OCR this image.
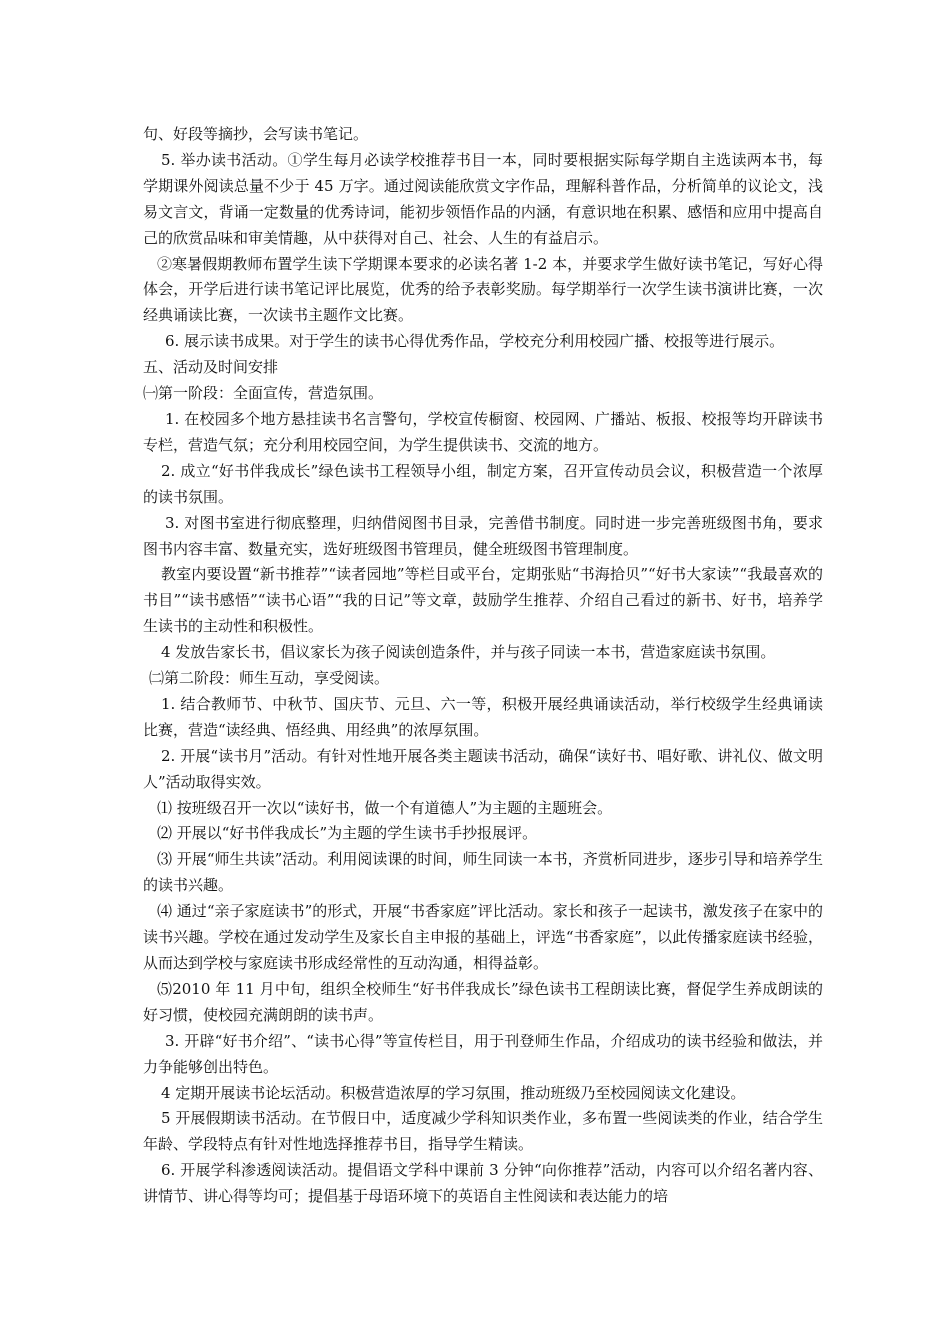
句、好段等摘抄，会写读书笔记。

5. 举办读书活动。①学生每月必读学校推荐书目一本，同时要根据实际每学期自主选读两本书，每学期课外阅读总量不少于 45 万字。通过阅读能欣赏文字作品，理解科普作品，分析简单的议论文，浅易文言文，背诵一定数量的优秀诗词，能初步领悟作品的内涵，有意识地在积累、感悟和应用中提高自己的欣赏品味和审美情趣，从中获得对自己、社会、人生的有益启示。

②寒暑假期教师布置学生读下学期课本要求的必读名著 1-2 本，并要求学生做好读书笔记，写好心得体会，开学后进行读书笔记评比展览，优秀的给予表彰奖励。每学期举行一次学生读书演讲比赛，一次经典诵读比赛，一次读书主题作文比赛。

6. 展示读书成果。对于学生的读书心得优秀作品，学校充分利用校园广播、校报等进行展示。

五、活动及时间安排

㈠第一阶段：全面宣传，营造氛围。

1. 在校园多个地方悬挂读书名言警句，学校宣传橱窗、校园网、广播站、板报、校报等均开辟读书专栏，营造气氛；充分利用校园空间，为学生提供读书、交流的地方。

2. 成立“好书伴我成长”绿色读书工程领导小组，制定方案，召开宣传动员会议，积极营造一个浓厚的读书氛围。

3. 对图书室进行彻底整理，归纳借阅图书目录，完善借书制度。同时进一步完善班级图书角，要求图书内容丰富、数量充实，选好班级图书管理员，健全班级图书管理制度。

教室内要设置“新书推荐”“读者园地”等栏目或平台，定期张贴“书海拾贝”“好书大家读”“我最喜欢的书目”“读书感悟”“读书心语”“我的日记”等文章，鼓励学生推荐、介绍自己看过的新书、好书，培养学生读书的主动性和积极性。

4 发放告家长书，倡议家长为孩子阅读创造条件，并与孩子同读一本书，营造家庭读书氛围。

㈡第二阶段：师生互动，享受阅读。

1. 结合教师节、中秋节、国庆节、元旦、六一等，积极开展经典诵读活动，举行校级学生经典诵读比赛，营造“读经典、悟经典、用经典”的浓厚氛围。

2. 开展“读书月”活动。有针对性地开展各类主题读书活动，确保“读好书、唱好歌、讲礼仪、做文明人”活动取得实效。

⑴ 按班级召开一次以“读好书，做一个有道德人”为主题的主题班会。

⑵ 开展以“好书伴我成长”为主题的学生读书手抄报展评。

⑶ 开展“师生共读”活动。利用阅读课的时间，师生同读一本书，齐赏析同进步，逐步引导和培养学生的读书兴趣。

⑷ 通过“亲子家庭读书”的形式，开展“书香家庭”评比活动。家长和孩子一起读书，激发孩子在家中的读书兴趣。学校在通过发动学生及家长自主申报的基础上，评选“书香家庭”，以此传播家庭读书经验，从而达到学校与家庭读书形成经常性的互动沟通，相得益彰。

⑸2010 年 11 月中旬，组织全校师生“好书伴我成长”绿色读书工程朗读比赛，督促学生养成朗读的好习惯，使校园充满朗朗的读书声。

3. 开辟“好书介绍”、“读书心得”等宣传栏目，用于刊登师生作品，介绍成功的读书经验和做法，并力争能够创出特色。

4 定期开展读书论坛活动。积极营造浓厚的学习氛围，推动班级乃至校园阅读文化建设。

5 开展假期读书活动。在节假日中，适度减少学科知识类作业，多布置一些阅读类的作业，结合学生年龄、学段特点有针对性地选择推荐书目，指导学生精读。

6. 开展学科渗透阅读活动。提倡语文学科中课前 3 分钟“向你推荐”活动，内容可以介绍名著内容、讲情节、讲心得等均可；提倡基于母语环境下的英语自主性阅读和表达能力的培
